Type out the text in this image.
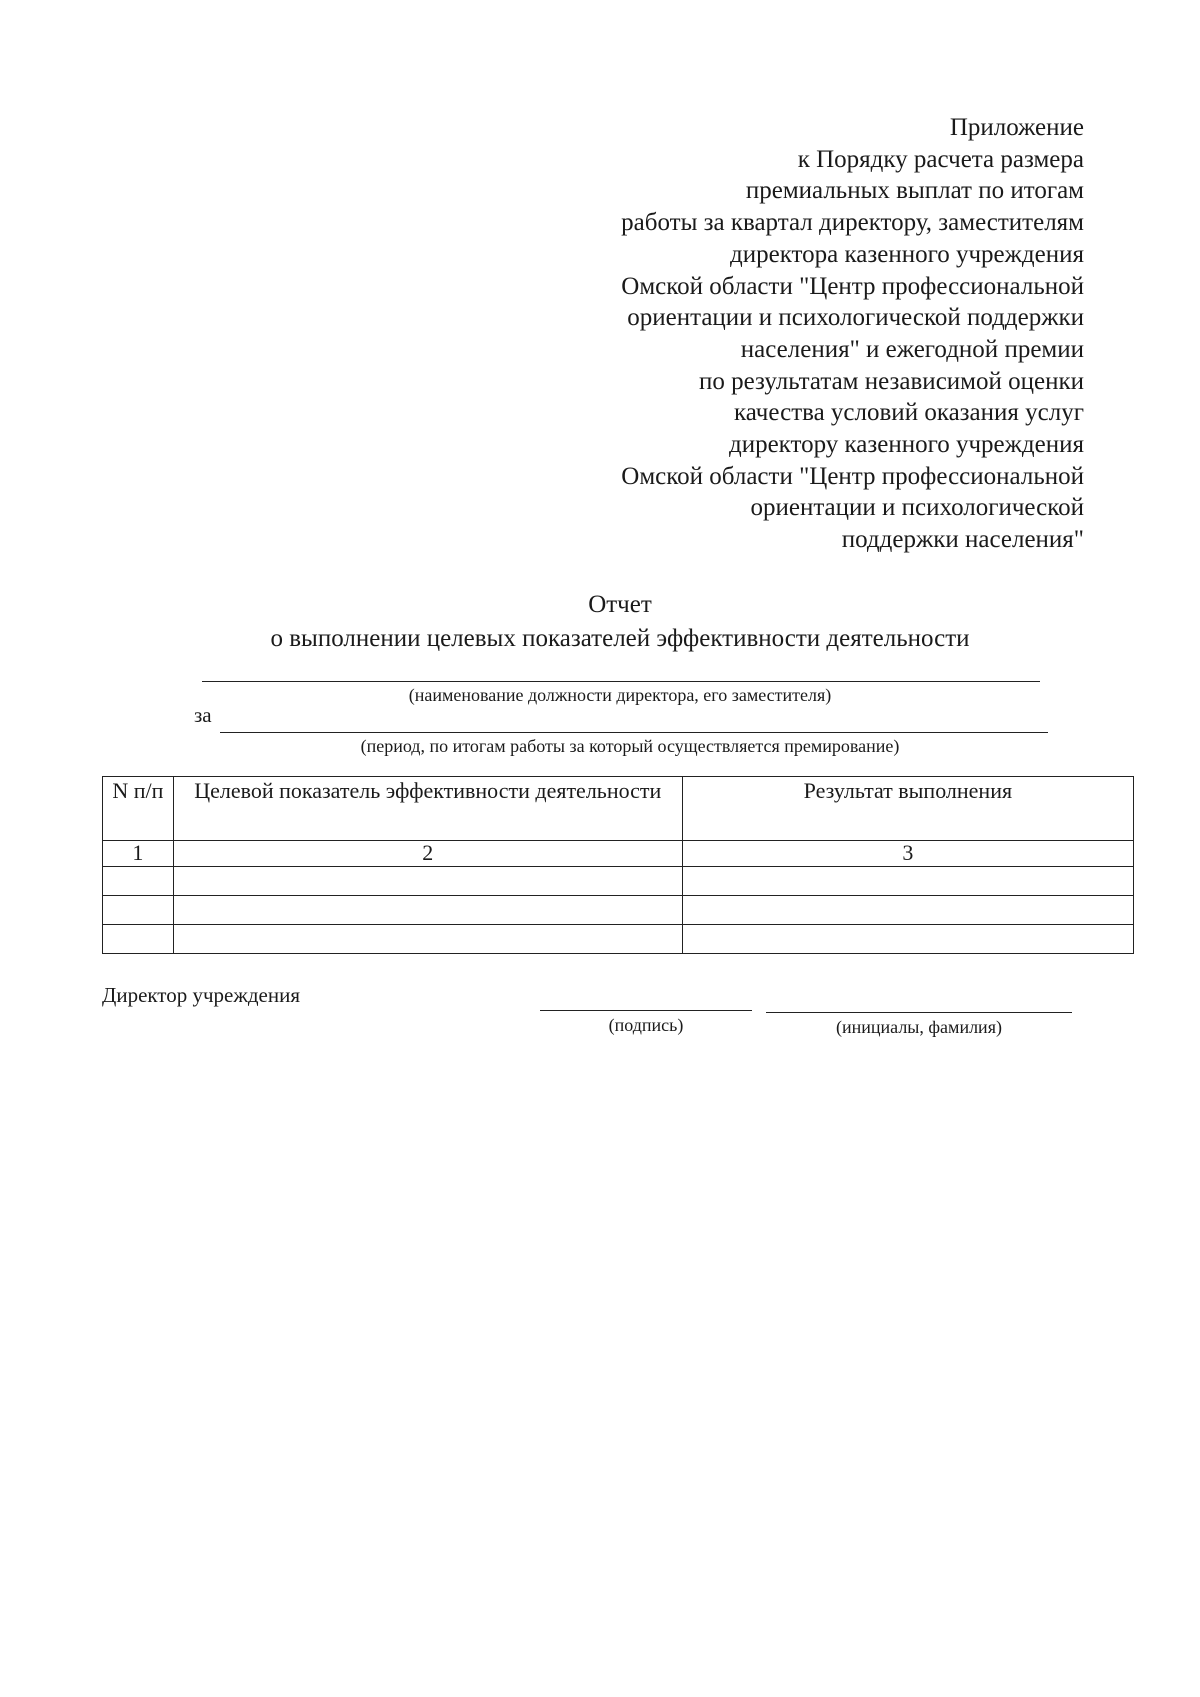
Приложение
к Порядку расчета размера
премиальных выплат по итогам
работы за квартал директору, заместителям
директора казенного учреждения
Омской области "Центр профессиональной
ориентации и психологической поддержки
населения" и ежегодной премии
по результатам независимой оценки
качества условий оказания услуг
директору казенного учреждения
Омской области "Центр профессиональной
ориентации и психологической
поддержки населения"
Отчет
о выполнении целевых показателей эффективности деятельности
(наименование должности директора, его заместителя)
за
(период, по итогам работы за который осуществляется премирование)
N п/п	Целевой показатель эффективности деятельности	Результат выполнения
1	2	3

Директор учреждения
(подпись)	(инициалы, фамилия)
